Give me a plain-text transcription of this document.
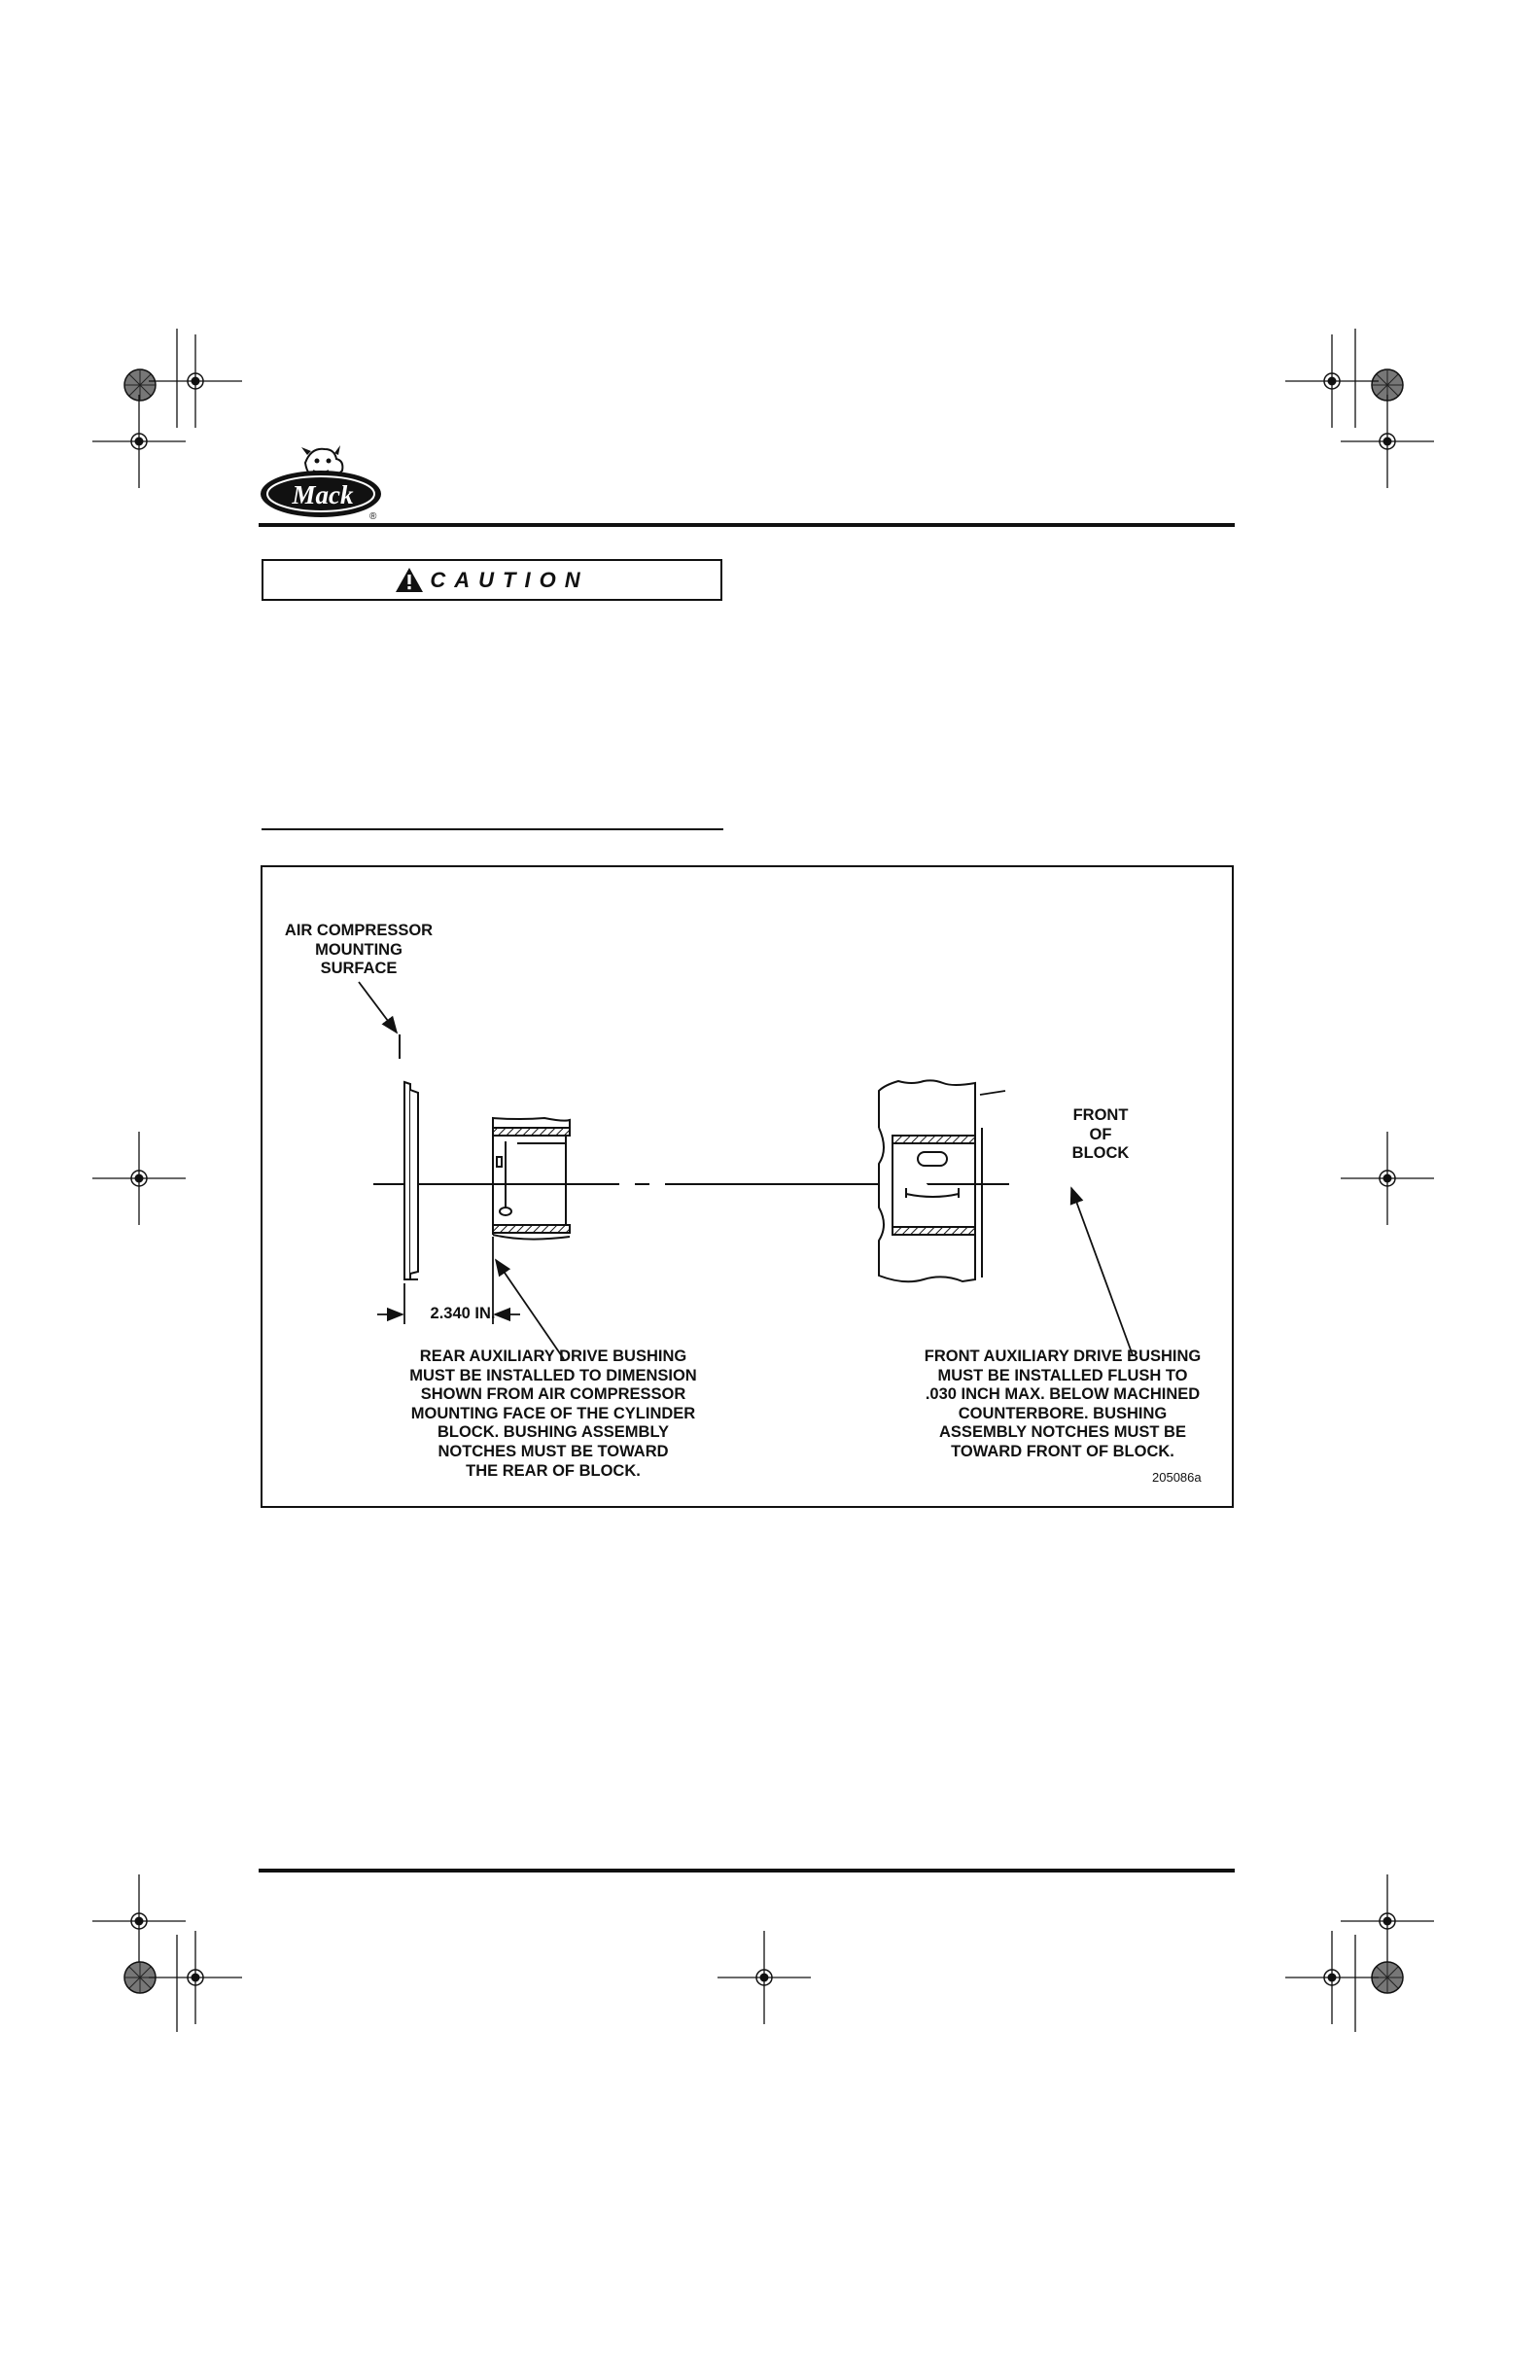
Mack
®
CAUTION
AIR COMPRESSOR
MOUNTING
SURFACE
FRONT
OF
BLOCK
2.340 IN.
REAR AUXILIARY DRIVE BUSHING
MUST BE INSTALLED TO DIMENSION
SHOWN FROM AIR COMPRESSOR
MOUNTING FACE OF THE CYLINDER
BLOCK. BUSHING ASSEMBLY
NOTCHES MUST BE TOWARD
THE REAR OF BLOCK.
FRONT AUXILIARY DRIVE BUSHING
MUST BE INSTALLED FLUSH TO
.030 INCH MAX. BELOW MACHINED
COUNTERBORE. BUSHING
ASSEMBLY NOTCHES MUST BE
TOWARD FRONT OF BLOCK.
205086a
